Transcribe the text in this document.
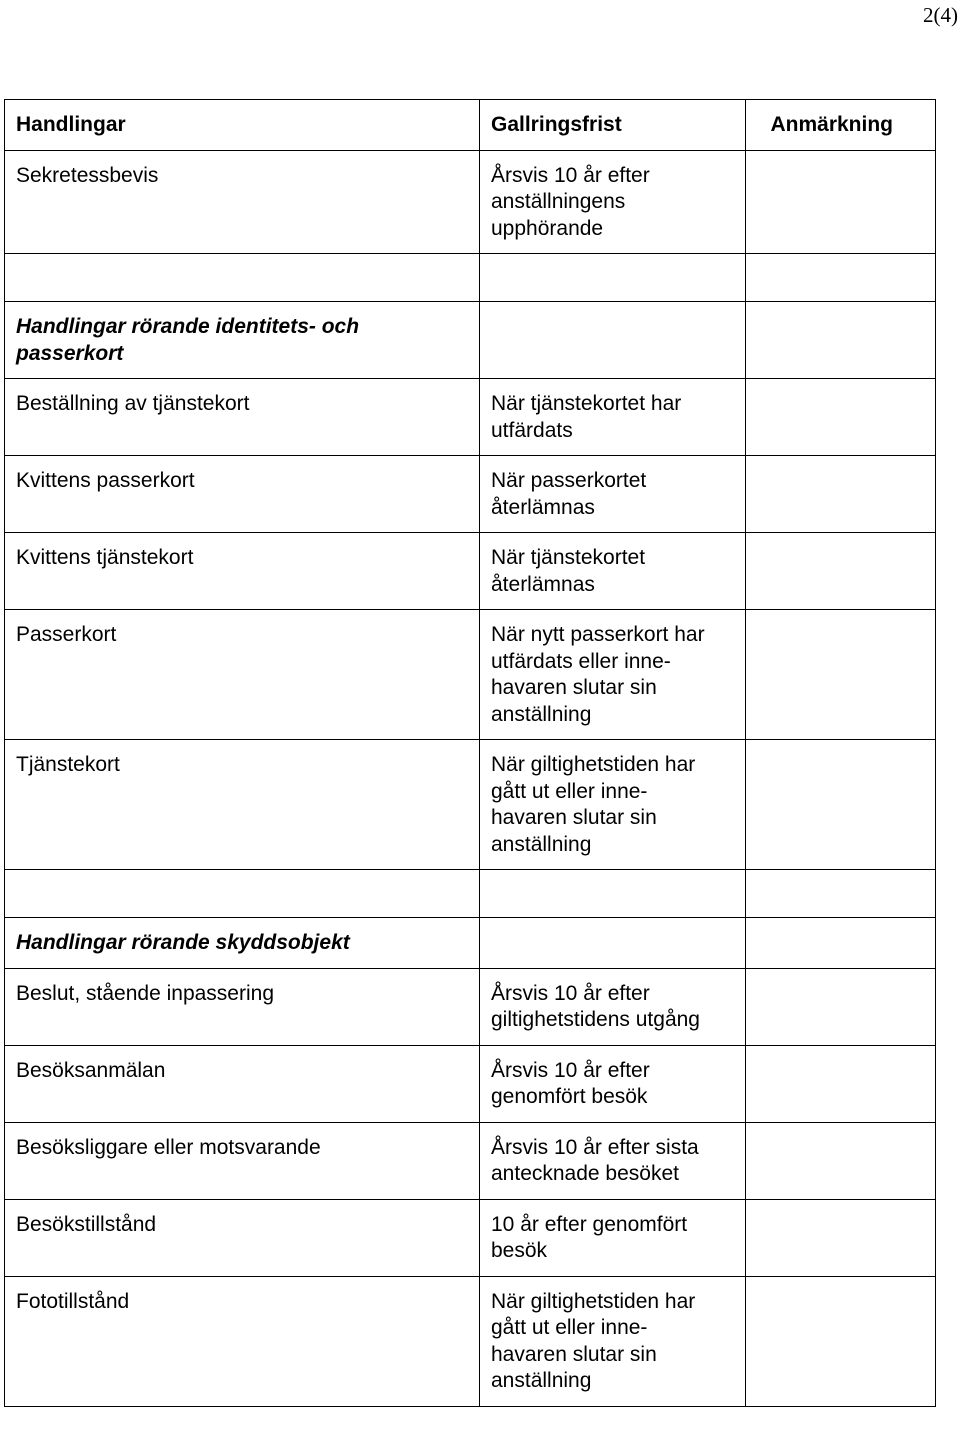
2(4)
Handlingar	Gallringsfrist	Anmärkning
Sekretessbevis	Årsvis 10 år efter
anställningens
upphörande	

Handlingar rörande identitets- och
passerkort		
Beställning av tjänstekort	När tjänstekortet har
utfärdats	
Kvittens passerkort	När passerkortet
återlämnas	
Kvittens tjänstekort	När tjänstekortet
återlämnas	
Passerkort	När nytt passerkort har
utfärdats eller inne-
havaren slutar sin
anställning	
Tjänstekort	När giltighetstiden har
gått ut eller inne-
havaren slutar sin
anställning	

Handlingar rörande skyddsobjekt		
Beslut, stående inpassering	Årsvis 10 år efter
giltighetstidens utgång	
Besöksanmälan	Årsvis 10 år efter
genomfört besök	
Besöksliggare eller motsvarande	Årsvis 10 år efter sista
antecknade besöket	
Besökstillstånd	10 år efter genomfört
besök	
Fototillstånd	När giltighetstiden har
gått ut eller inne-
havaren slutar sin
anställning	
